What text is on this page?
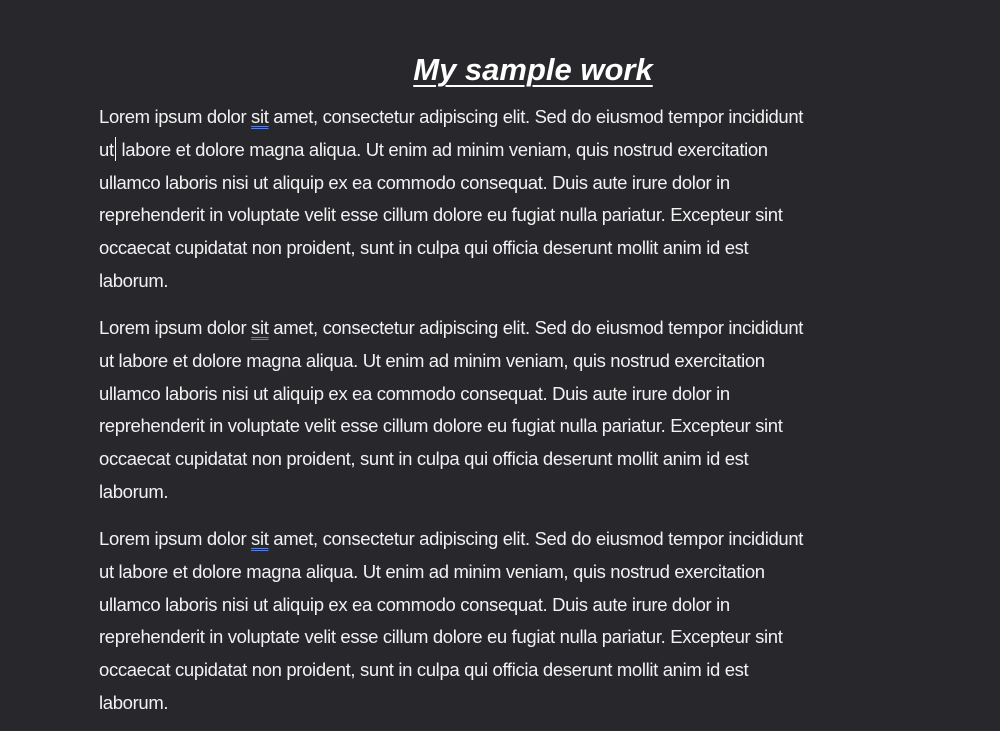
My sample work

Lorem ipsum dolor sit amet, consectetur adipiscing elit. Sed do eiusmod tempor incididunt
ut labore et dolore magna aliqua. Ut enim ad minim veniam, quis nostrud exercitation
ullamco laboris nisi ut aliquip ex ea commodo consequat. Duis aute irure dolor in
reprehenderit in voluptate velit esse cillum dolore eu fugiat nulla pariatur. Excepteur sint
occaecat cupidatat non proident, sunt in culpa qui officia deserunt mollit anim id est
laborum.

Lorem ipsum dolor sit amet, consectetur adipiscing elit. Sed do eiusmod tempor incididunt
ut labore et dolore magna aliqua. Ut enim ad minim veniam, quis nostrud exercitation
ullamco laboris nisi ut aliquip ex ea commodo consequat. Duis aute irure dolor in
reprehenderit in voluptate velit esse cillum dolore eu fugiat nulla pariatur. Excepteur sint
occaecat cupidatat non proident, sunt in culpa qui officia deserunt mollit anim id est
laborum.

Lorem ipsum dolor sit amet, consectetur adipiscing elit. Sed do eiusmod tempor incididunt
ut labore et dolore magna aliqua. Ut enim ad minim veniam, quis nostrud exercitation
ullamco laboris nisi ut aliquip ex ea commodo consequat. Duis aute irure dolor in
reprehenderit in voluptate velit esse cillum dolore eu fugiat nulla pariatur. Excepteur sint
occaecat cupidatat non proident, sunt in culpa qui officia deserunt mollit anim id est
laborum.
